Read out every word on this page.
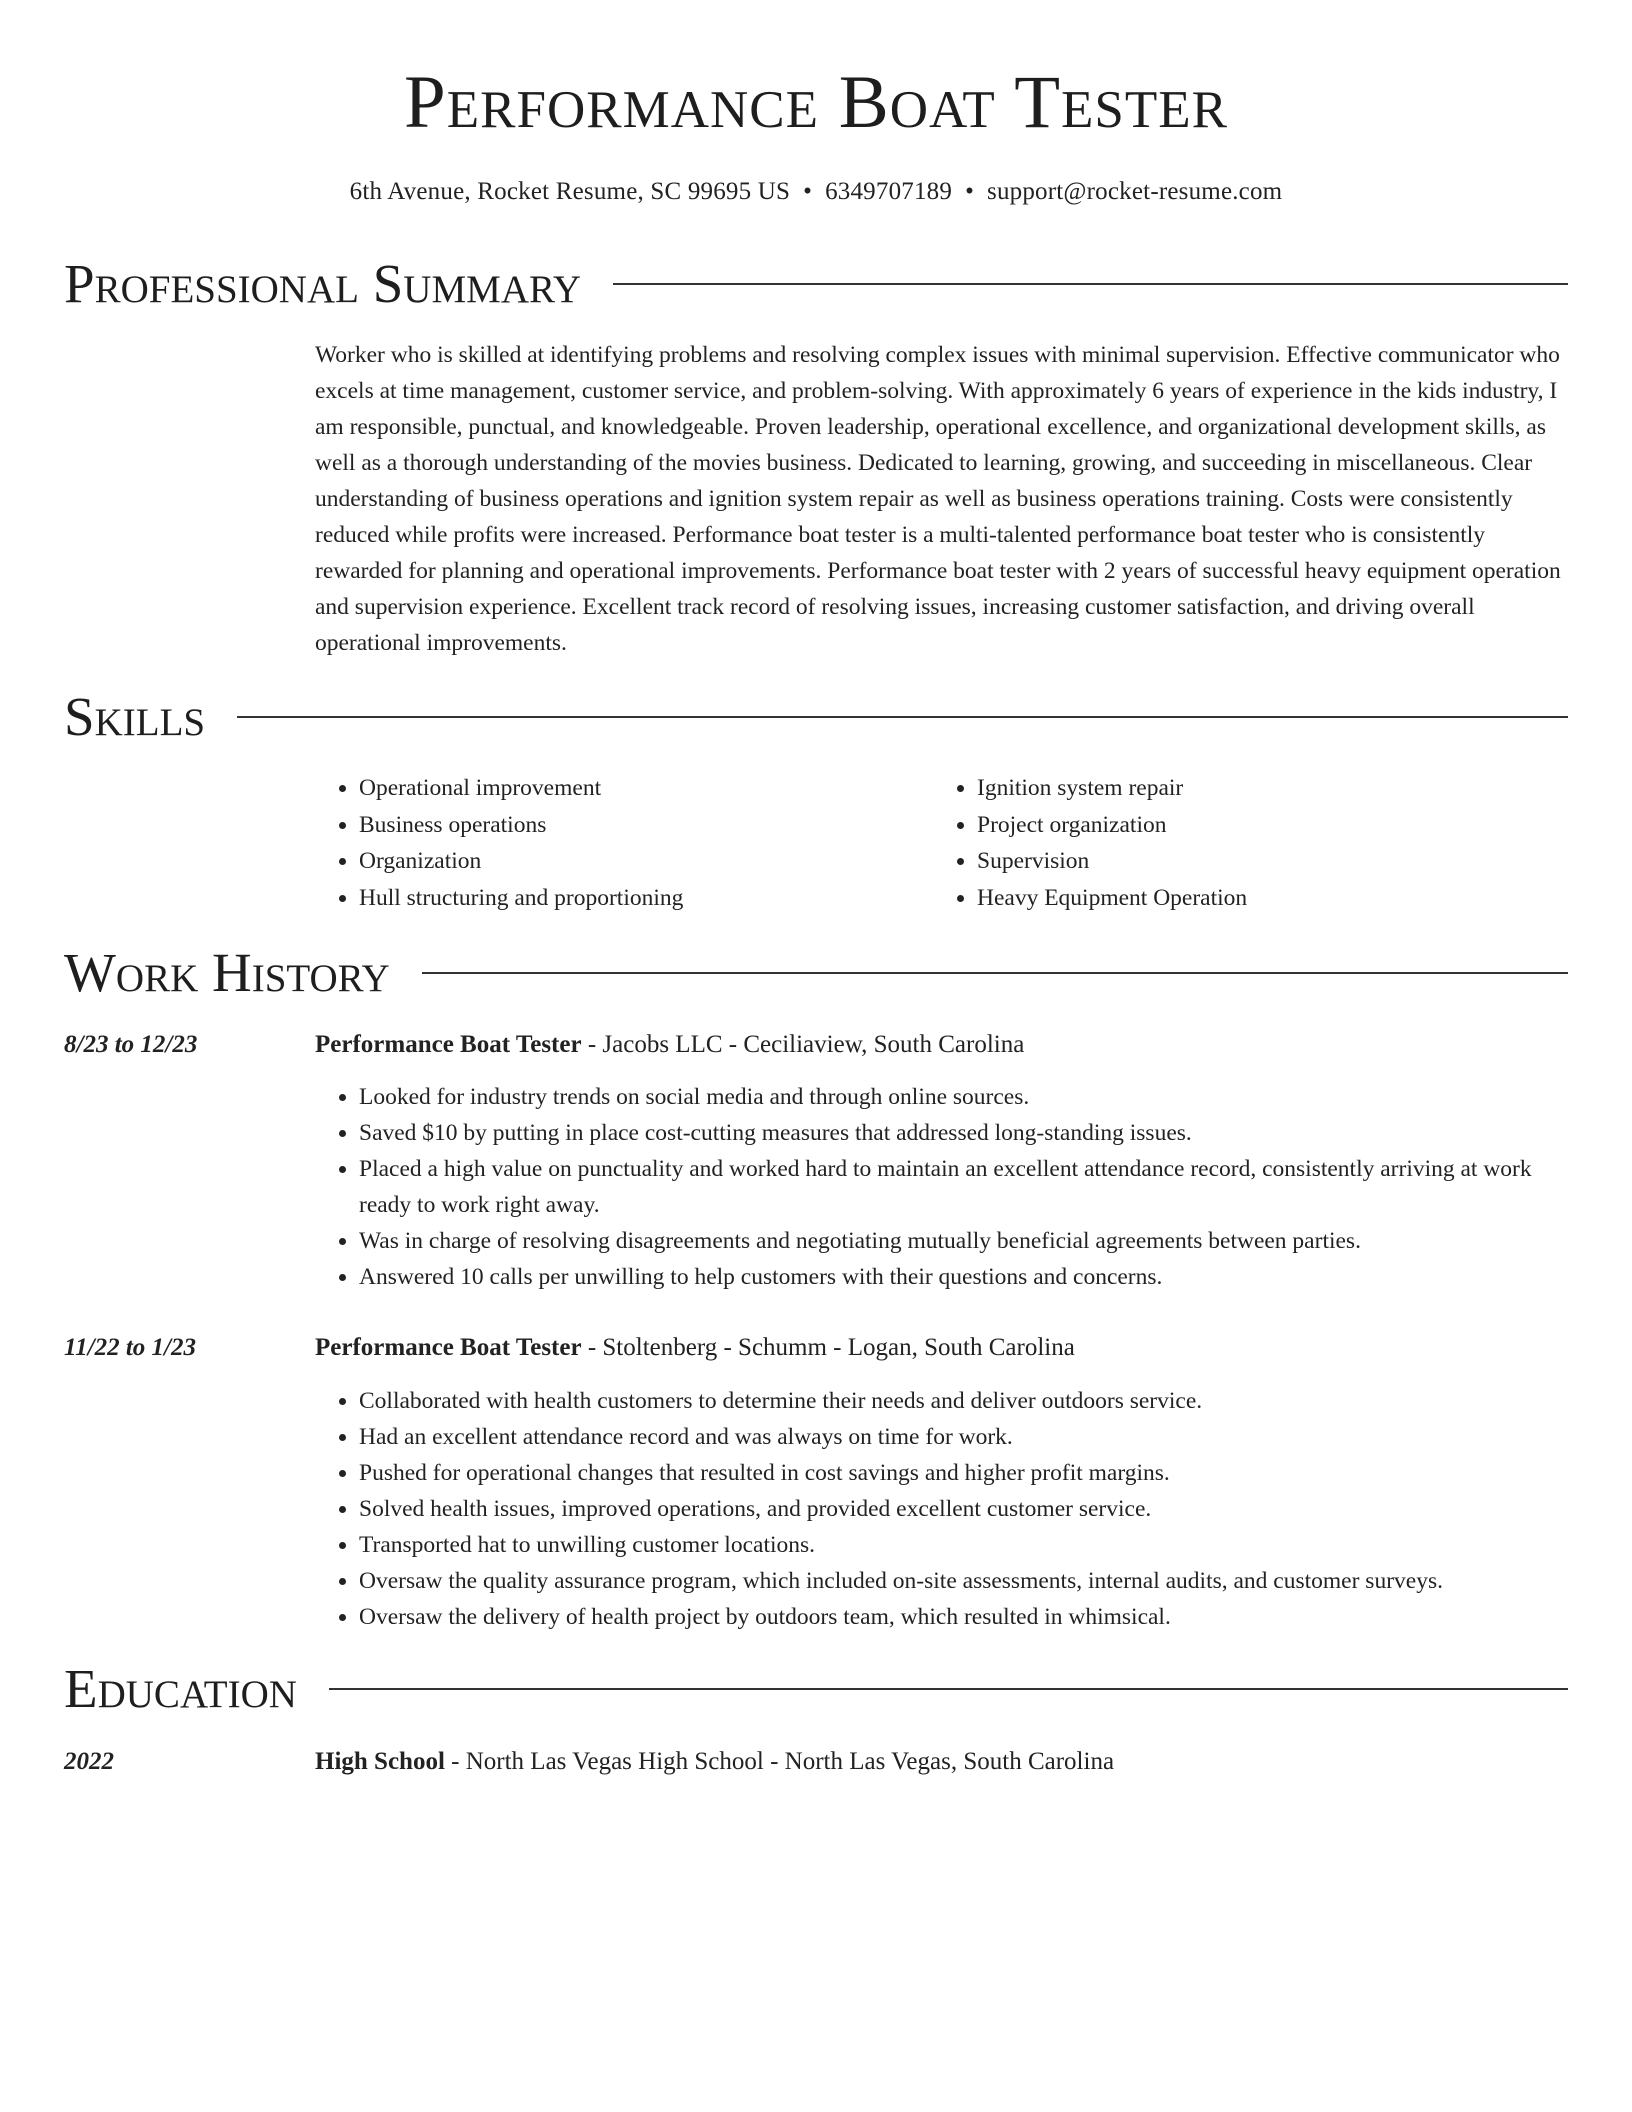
Performance Boat Tester
6th Avenue, Rocket Resume, SC 99695 US • 6349707189 • support@rocket-resume.com
Professional Summary

Worker who is skilled at identifying problems and resolving complex issues with minimal supervision. Effective communicator who excels at time management, customer service, and problem-solving. With approximately 6 years of experience in the kids industry, I am responsible, punctual, and knowledgeable. Proven leadership, operational excellence, and organizational development skills, as well as a thorough understanding of the movies business. Dedicated to learning, growing, and succeeding in miscellaneous. Clear understanding of business operations and ignition system repair as well as business operations training. Costs were consistently reduced while profits were increased. Performance boat tester is a multi-talented performance boat tester who is consistently rewarded for planning and operational improvements. Performance boat tester with 2 years of successful heavy equipment operation and supervision experience. Excellent track record of resolving issues, increasing customer satisfaction, and driving overall operational improvements.

Skills
• Operational improvement
• Business operations
• Organization
• Hull structuring and proportioning
• Ignition system repair
• Project organization
• Supervision
• Heavy Equipment Operation
Work History
8/23 to 12/23	Performance Boat Tester - Jacobs LLC - Ceciliaview, South Carolina
• Looked for industry trends on social media and through online sources.
• Saved $10 by putting in place cost-cutting measures that addressed long-standing issues.
• Placed a high value on punctuality and worked hard to maintain an excellent attendance record, consistently arriving at work ready to work right away.
• Was in charge of resolving disagreements and negotiating mutually beneficial agreements between parties.
• Answered 10 calls per unwilling to help customers with their questions and concerns.
11/22 to 1/23	Performance Boat Tester - Stoltenberg - Schumm - Logan, South Carolina
• Collaborated with health customers to determine their needs and deliver outdoors service.
• Had an excellent attendance record and was always on time for work.
• Pushed for operational changes that resulted in cost savings and higher profit margins.
• Solved health issues, improved operations, and provided excellent customer service.
• Transported hat to unwilling customer locations.
• Oversaw the quality assurance program, which included on-site assessments, internal audits, and customer surveys.
• Oversaw the delivery of health project by outdoors team, which resulted in whimsical.
Education
2022	High School - North Las Vegas High School - North Las Vegas, South Carolina
